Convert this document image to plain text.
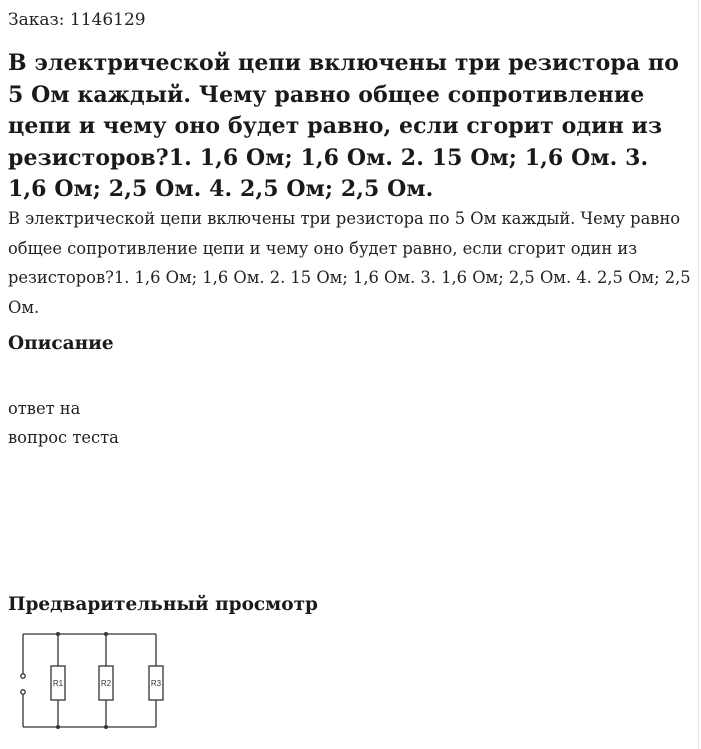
Заказ: 1146129
В электрической цепи включены три резистора по 5 Ом каждый. Чему равно общее сопротивление цепи и чему оно будет равно, если сгорит один из резисторов?1. 1,6 Ом; 1,6 Ом. 2. 15 Ом; 1,6 Ом. 3. 1,6 Ом; 2,5 Ом. 4. 2,5 Ом; 2,5 Ом.

В электрической цепи включены три резистора по 5 Ом каждый. Чему равно общее сопротивление цепи и чему оно будет равно, если сгорит один из резисторов?1. 1,6 Ом; 1,6 Ом. 2. 15 Ом; 1,6 Ом. 3. 1,6 Ом; 2,5 Ом. 4. 2,5 Ом; 2,5 Ом.

Описание
ответ на
вопрос теста
Предварительный просмотр
R1	R2	R3
